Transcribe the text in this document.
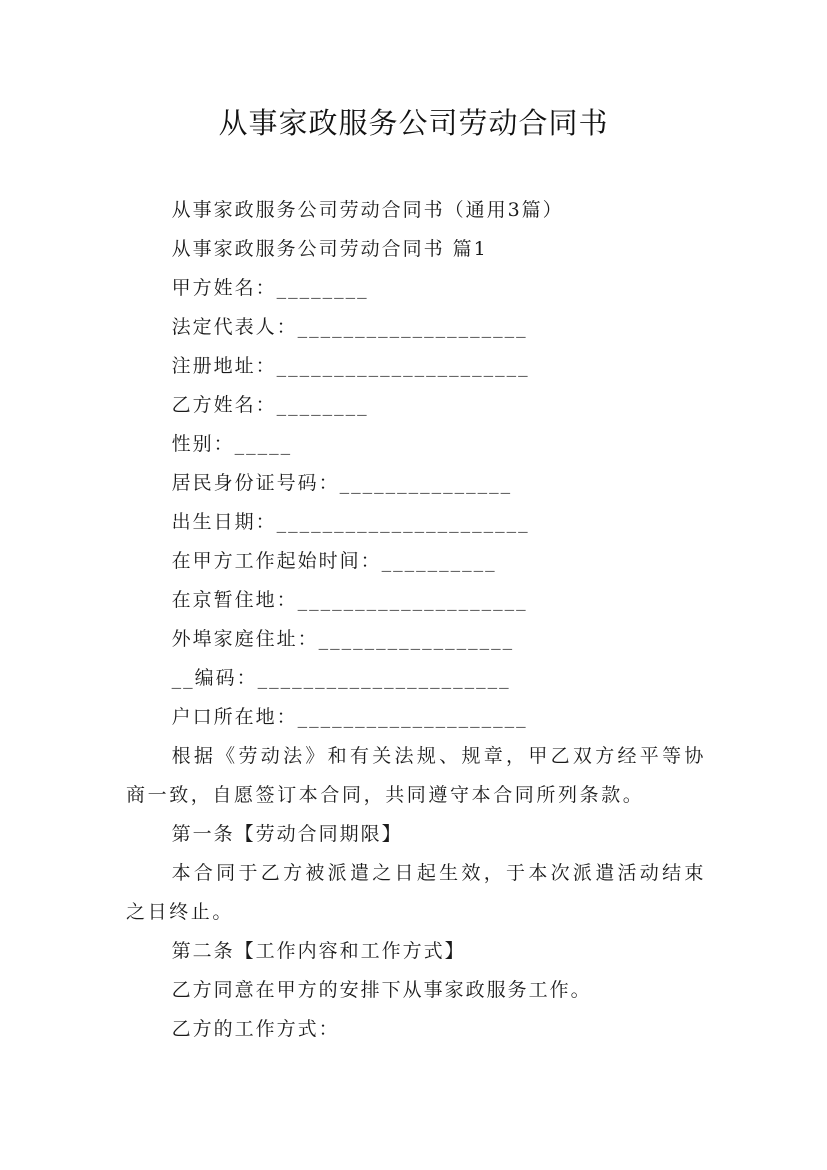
从事家政服务公司劳动合同书

从事家政服务公司劳动合同书（通用3篇）

从事家政服务公司劳动合同书 篇1

甲方姓名：________

法定代表人：____________________

注册地址：______________________

乙方姓名：________

性别：_____

居民身份证号码：_______________

出生日期：______________________

在甲方工作起始时间：__________

在京暂住地：____________________

外埠家庭住址：_________________

__编码：______________________

户口所在地：____________________

根据《劳动法》和有关法规、规章，甲乙双方经平等协商一致，自愿签订本合同，共同遵守本合同所列条款。

第一条【劳动合同期限】

本合同于乙方被派遣之日起生效，于本次派遣活动结束之日终止。

第二条【工作内容和工作方式】

乙方同意在甲方的安排下从事家政服务工作。

乙方的工作方式：
